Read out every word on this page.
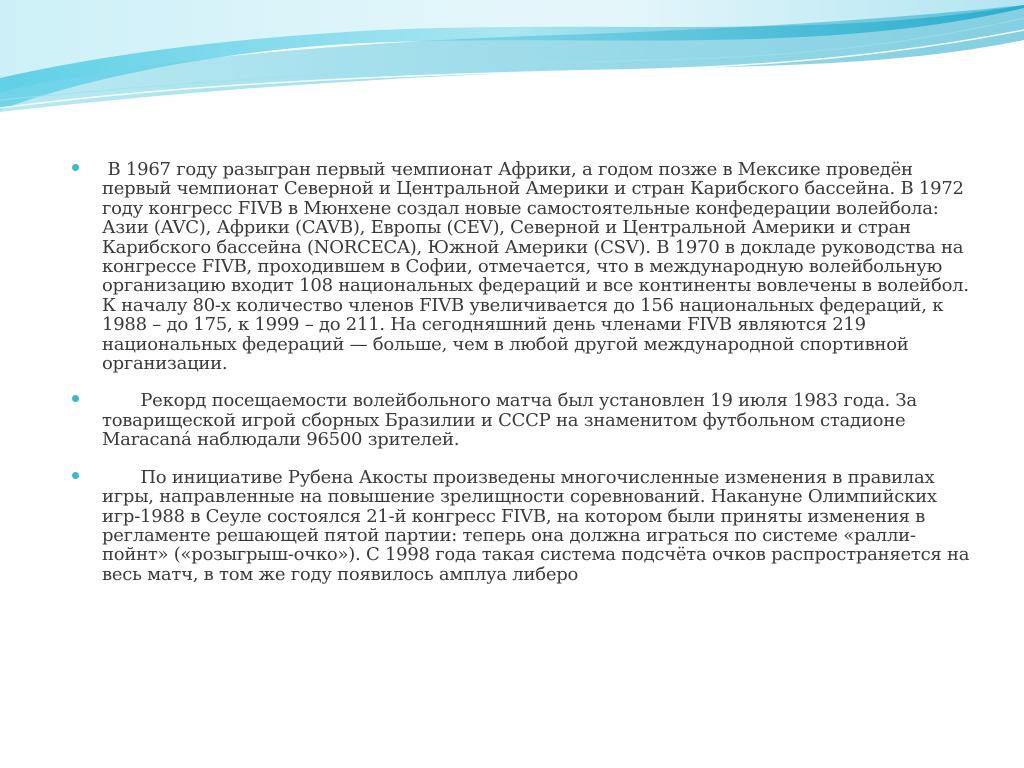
В 1967 году разыгран первый чемпионат Африки, а годом позже в Мексике проведён первый чемпионат Северной и Центральной Америки и стран Карибского бассейна. В 1972 году конгресс FIVB в Мюнхене создал новые самостоятельные конфедерации волейбола: Азии (AVC), Африки (CAVB), Европы (CEV), Северной и Центральной Америки и стран Карибского бассейна (NORCECA), Южной Америки (CSV). В 1970 в докладе руководства на конгрессе FIVB, проходившем в Софии, отмечается, что в международную волейбольную организацию входит 108 национальных федераций и все континенты вовлечены в волейбол. К началу 80-х количество членов FIVB увеличивается до 156 национальных федераций, к 1988 – до 175, к 1999 – до 211. На сегодняшний день членами FIVB являются 219 национальных федераций — больше, чем в любой другой международной спортивной организации.
Рекорд посещаемости волейбольного матча был установлен 19 июля 1983 года. За товарищеской игрой сборных Бразилии и СССР на знаменитом футбольном стадионе Maracaná наблюдали 96500 зрителей.
По инициативе Рубена Акосты произведены многочисленные изменения в правилах игры, направленные на повышение зрелищности соревнований. Накануне Олимпийских игр-1988 в Сеуле состоялся 21-й конгресс FIVB, на котором были приняты изменения в регламенте решающей пятой партии: теперь она должна играться по системе «ралли-пойнт» («розыгрыш-очко»). С 1998 года такая система подсчёта очков распространяется на весь матч, в том же году появилось амплуа либеро
